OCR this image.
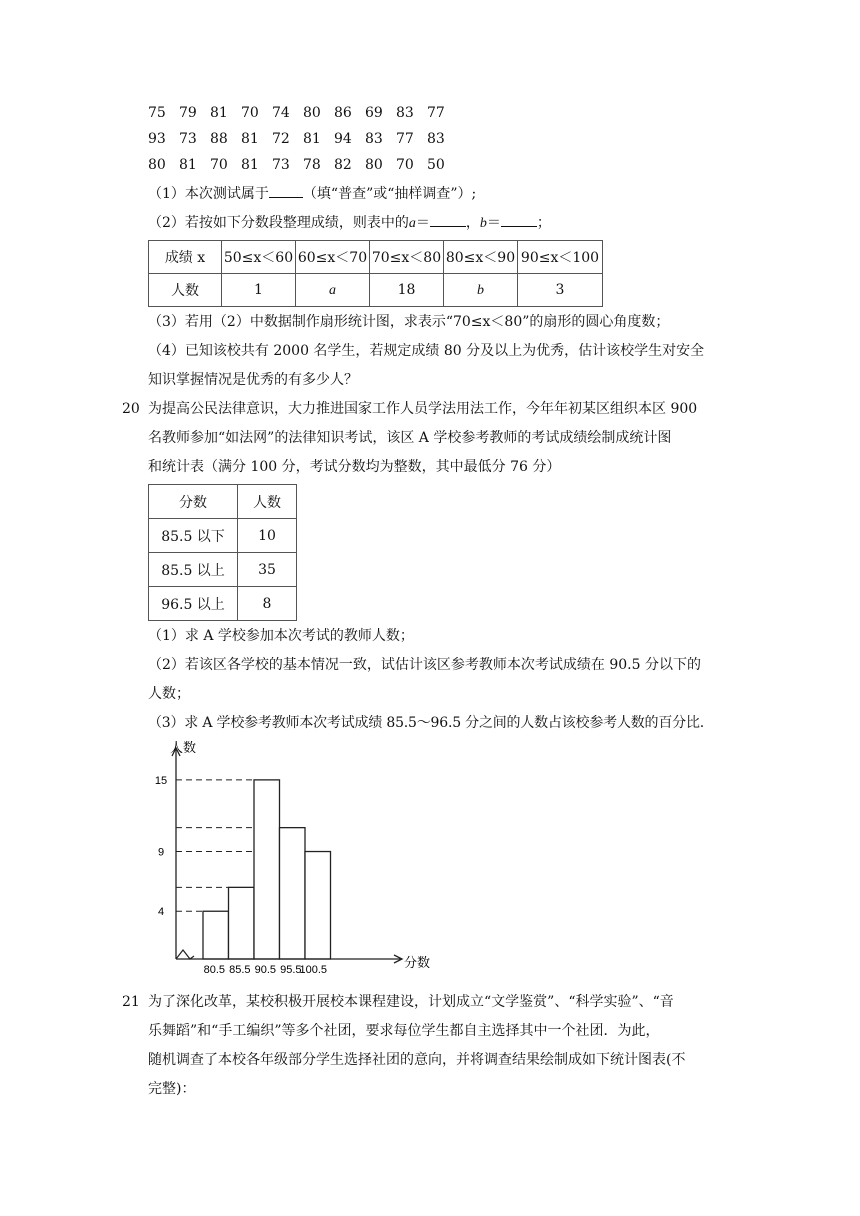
75 79 81 70 74 80 86 69 83 77
93 73 88 81 72 81 94 83 77 83
80 81 70 81 73 78 82 80 70 50
（1）本次测试属于 （填“普查”或“抽样调查”）;
（2）若按如下分数段整理成绩，则表中的a＝	，b＝	；
成绩 x	50≤x＜60	60≤x＜70	70≤x＜80	80≤x＜90	90≤x＜100
人数	1	a	18	b	3
（3）若用（2）中数据制作扇形统计图，求表示“70≤x＜80”的扇形的圆心角度数；
（4）已知该校共有 2000 名学生，若规定成绩 80 分及以上为优秀，估计该校学生对安全
知识掌握情况是优秀的有多少人？
20 为提高公民法律意识，大力推进国家工作人员学法用法工作，今年年初某区组织本区 900
名教师参加“如法网”的法律知识考试，该区 A 学校参考教师的考试成绩绘制成统计图
和统计表（满分 100 分，考试分数均为整数，其中最低分 76 分）
分数	人数
85.5 以下	10
85.5 以上	35
96.5 以上	8
（1）求 A 学校参加本次考试的教师人数；
（2）若该区各学校的基本情况一致，试估计该区参考教师本次考试成绩在 90.5 分以下的
人数；
（3）求 A 学校参考教师本次考试成绩 85.5～96.5 分之间的人数占该校参考人数的百分比.
4
9
15
80.5 85.5 90.5 95.5
100.5
人数
分数
21 为了深化改革，某校积极开展校本课程建设，计划成立“文学鉴赏”、“科学实验”、“音
乐舞蹈”和“手工编织”等多个社团，要求每位学生都自主选择其中一个社团．为此，
随机调查了本校各年级部分学生选择社团的意向，并将调查结果绘制成如下统计图表(不
完整)：
